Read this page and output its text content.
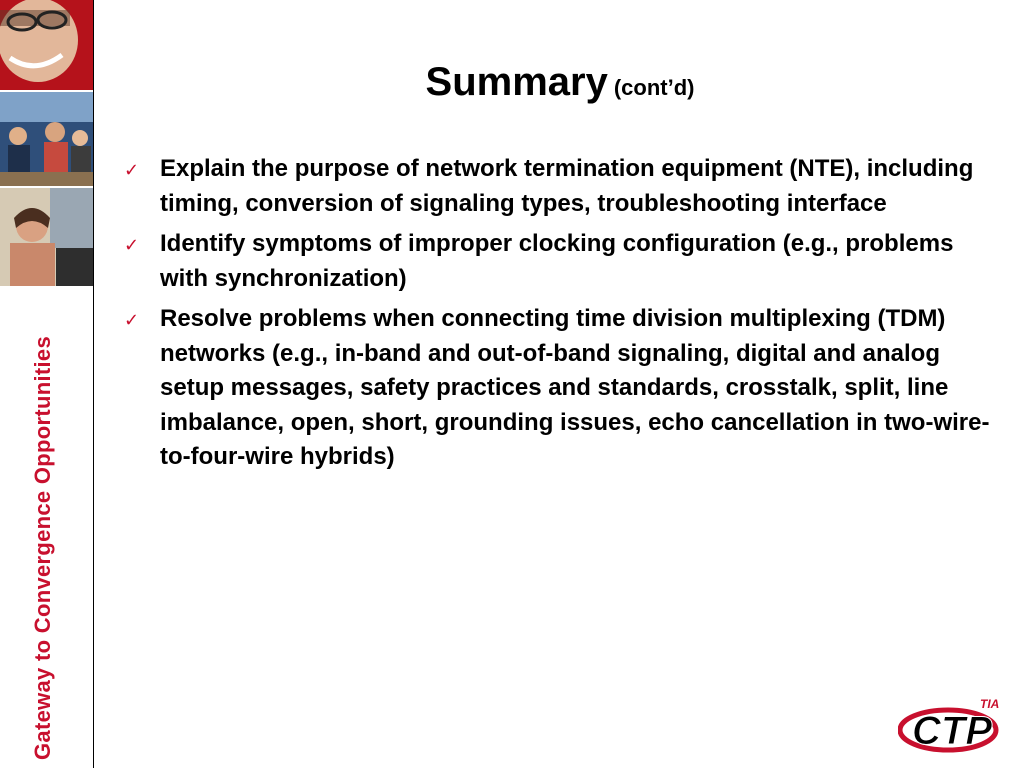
Gateway to Convergence Opportunities
Summary (cont’d)
✓ Explain the purpose of network termination equipment (NTE), including timing, conversion of signaling types, troubleshooting interface
✓ Identify symptoms of improper clocking configuration (e.g., problems with synchronization)
✓ Resolve problems when connecting time division multiplexing (TDM) networks (e.g., in-band and out-of-band signaling, digital and analog setup messages, safety practices and standards, crosstalk, split, line imbalance, open, short, grounding issues, echo cancellation in two-wire-to-four-wire hybrids)
CTP
TIA
